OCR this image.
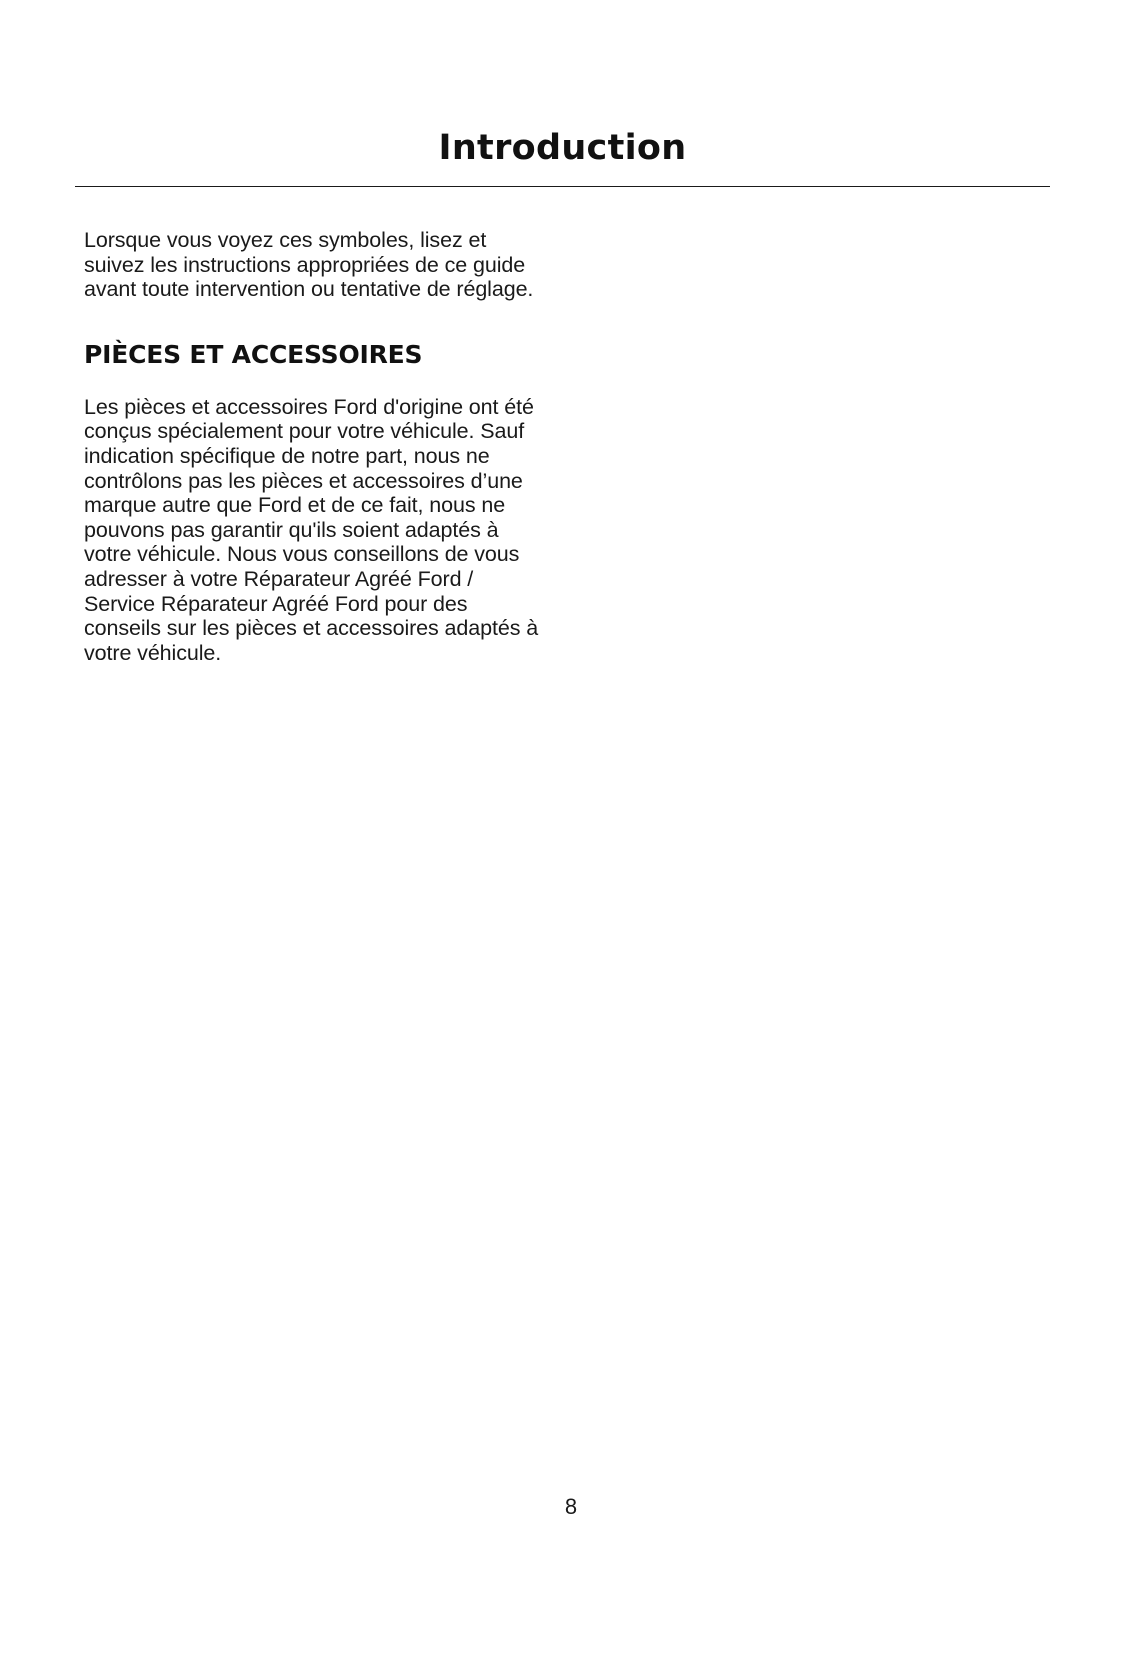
Introduction

Lorsque vous voyez ces symboles, lisez et suivez les instructions appropriées de ce guide avant toute intervention ou tentative de réglage.

PIÈCES ET ACCESSOIRES

Les pièces et accessoires Ford d'origine ont été conçus spécialement pour votre véhicule. Sauf indication spécifique de notre part, nous ne contrôlons pas les pièces et accessoires d’une marque autre que Ford et de ce fait, nous ne pouvons pas garantir qu'ils soient adaptés à votre véhicule. Nous vous conseillons de vous adresser à votre Réparateur Agréé Ford / Service Réparateur Agréé Ford pour des conseils sur les pièces et accessoires adaptés à votre véhicule.

8
